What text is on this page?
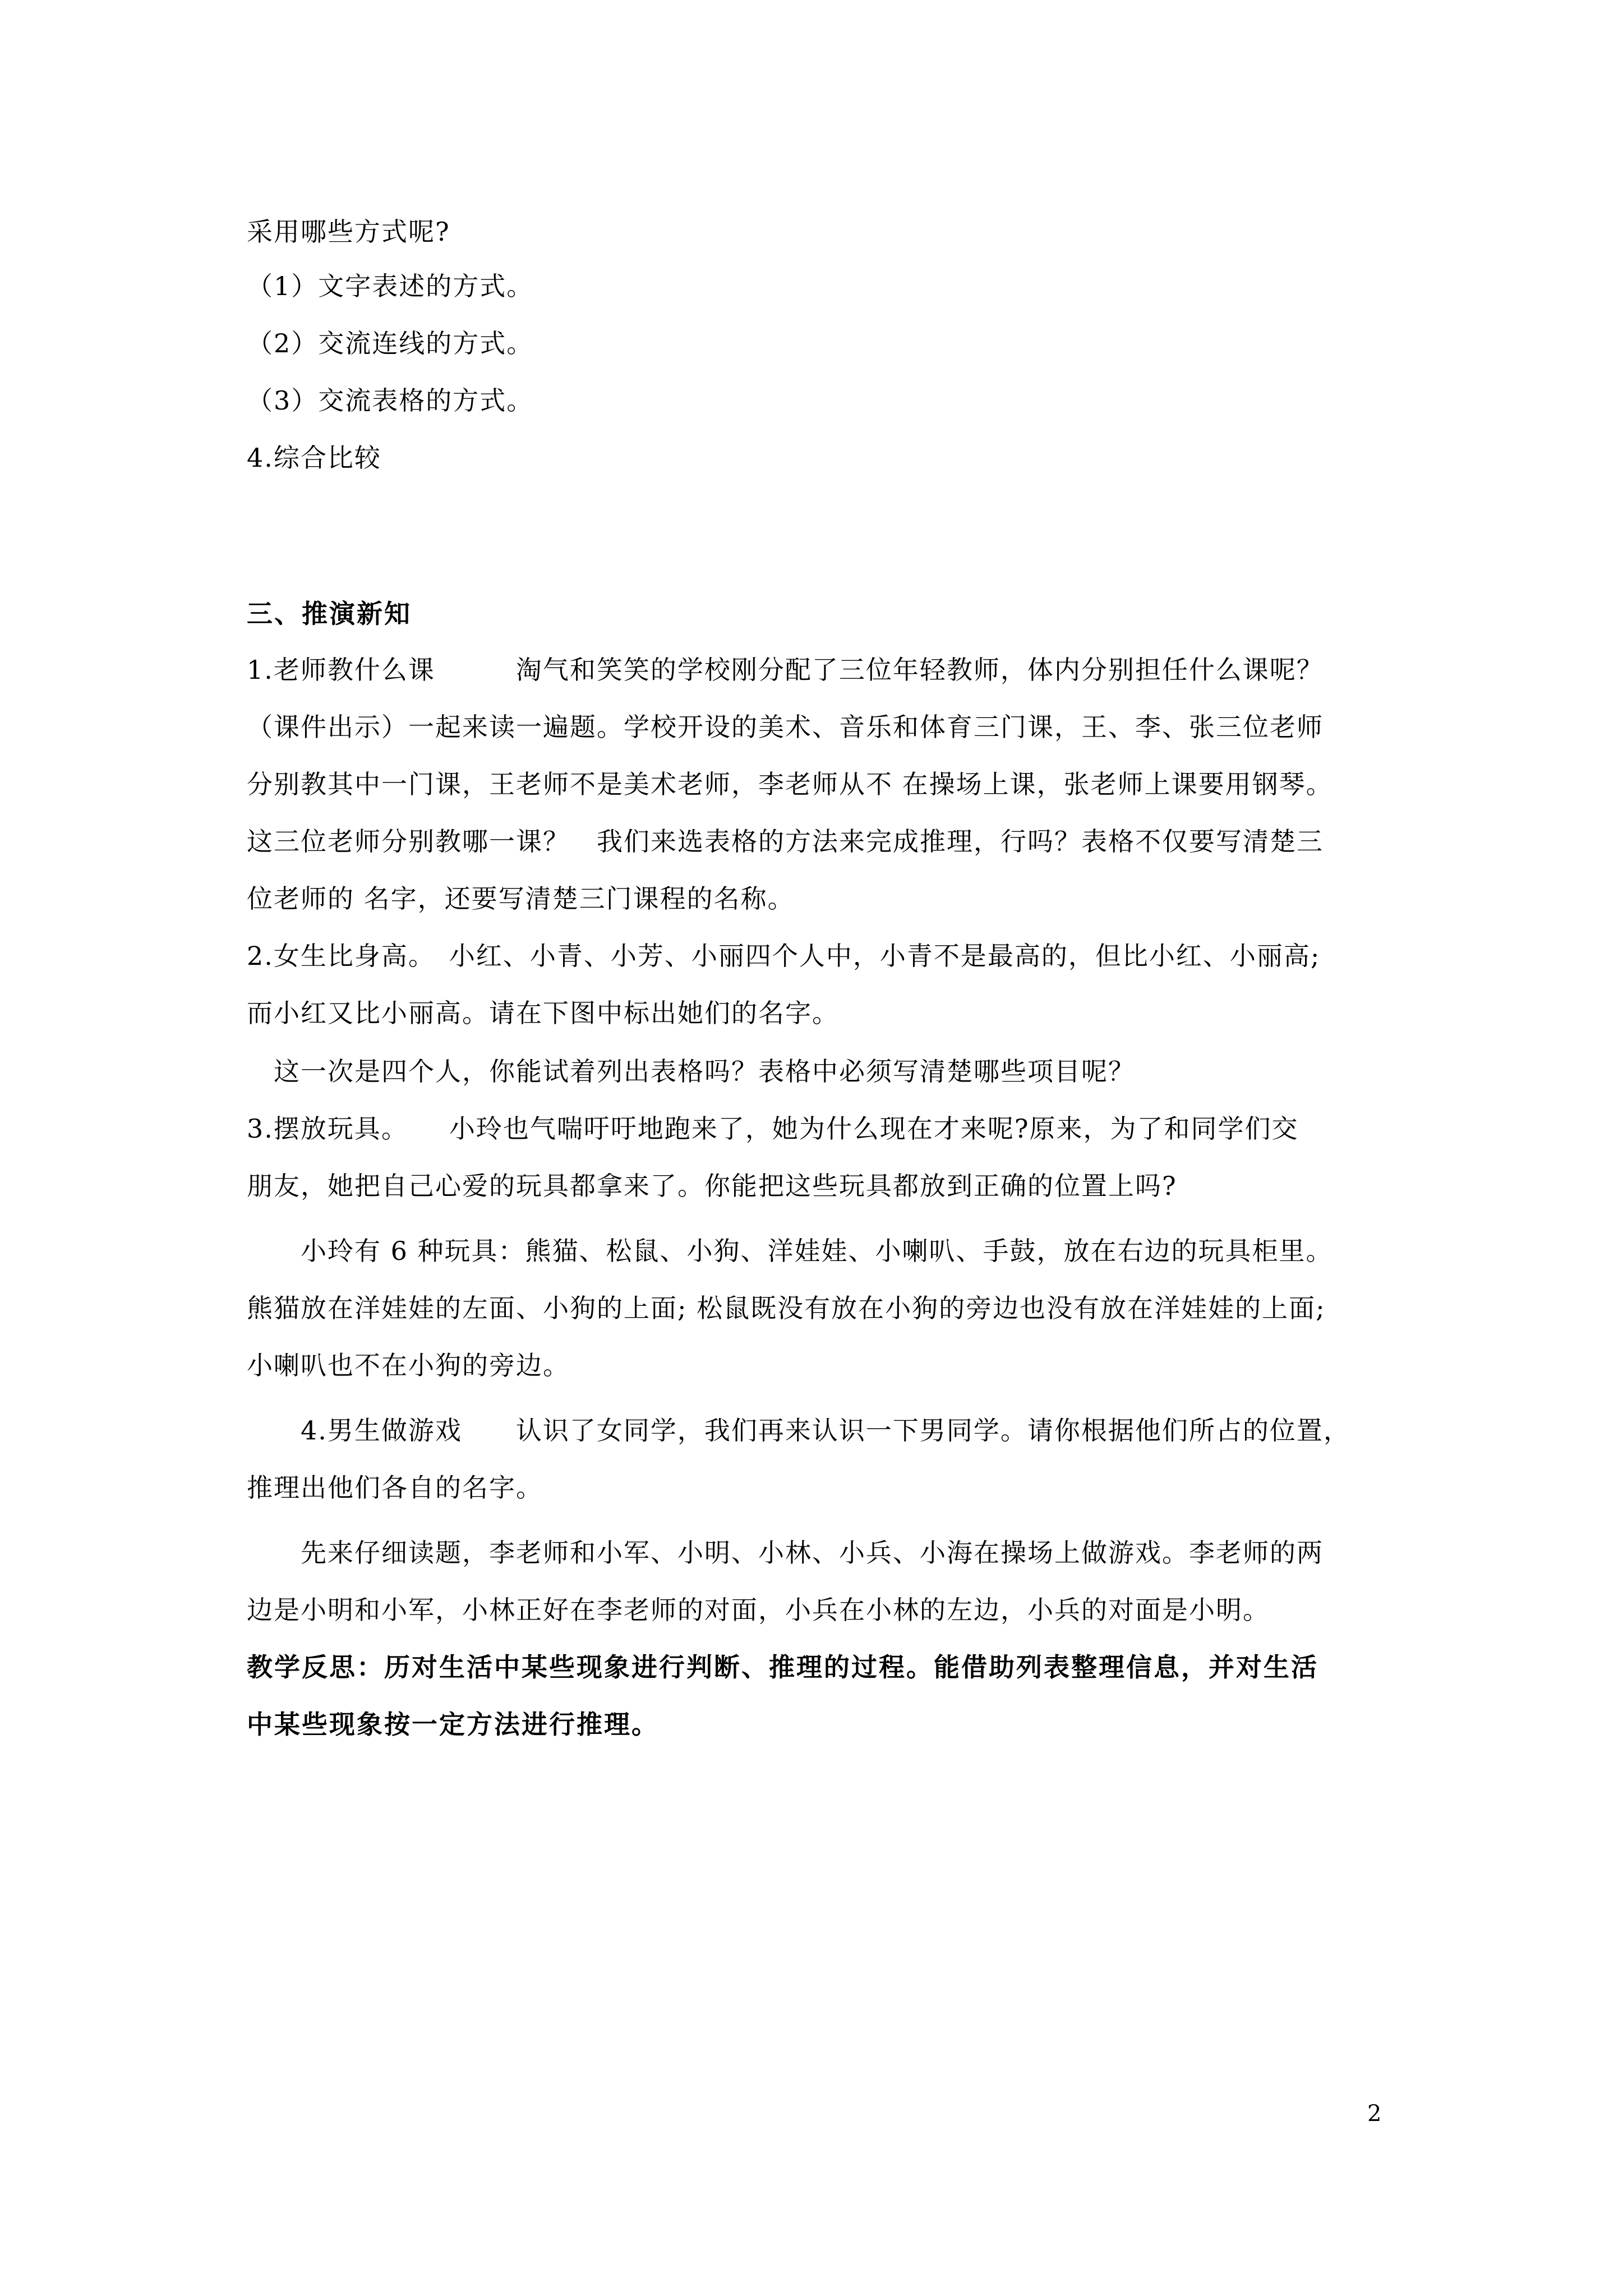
采用哪些方式呢?
（1）文字表述的方式。
（2）交流连线的方式。
（3）交流表格的方式。
4.综合比较
三、推演新知
1.老师教什么课　　　淘气和笑笑的学校刚分配了三位年轻教师，体内分别担任什么课呢？
（课件出示）一起来读一遍题。学校开设的美术、音乐和体育三门课，王、李、张三位老师
分别教其中一门课，王老师不是美术老师，李老师从不 在操场上课，张老师上课要用钢琴。
这三位老师分别教哪一课？　我们来选表格的方法来完成推理，行吗？表格不仅要写清楚三
位老师的 名字，还要写清楚三门课程的名称。
2.女生比身高。　小红、小青、小芳、小丽四个人中，小青不是最高的，但比小红、小丽高;
而小红又比小丽高。请在下图中标出她们的名字。
　这一次是四个人，你能试着列出表格吗？表格中必须写清楚哪些项目呢？
3.摆放玩具。　　小玲也气喘吁吁地跑来了，她为什么现在才来呢?原来，为了和同学们交
朋友，她把自己心爱的玩具都拿来了。你能把这些玩具都放到正确的位置上吗?
　　小玲有 6 种玩具：熊猫、松鼠、小狗、洋娃娃、小喇叭、手鼓，放在右边的玩具柜里。
熊猫放在洋娃娃的左面、小狗的上面; 松鼠既没有放在小狗的旁边也没有放在洋娃娃的上面;
小喇叭也不在小狗的旁边。
　　4.男生做游戏　　认识了女同学，我们再来认识一下男同学。请你根据他们所占的位置，
推理出他们各自的名字。
　　先来仔细读题，李老师和小军、小明、小林、小兵、小海在操场上做游戏。李老师的两
边是小明和小军，小林正好在李老师的对面，小兵在小林的左边，小兵的对面是小明。
教学反思：历对生活中某些现象进行判断、推理的过程。能借助列表整理信息，并对生活
中某些现象按一定方法进行推理。
2
